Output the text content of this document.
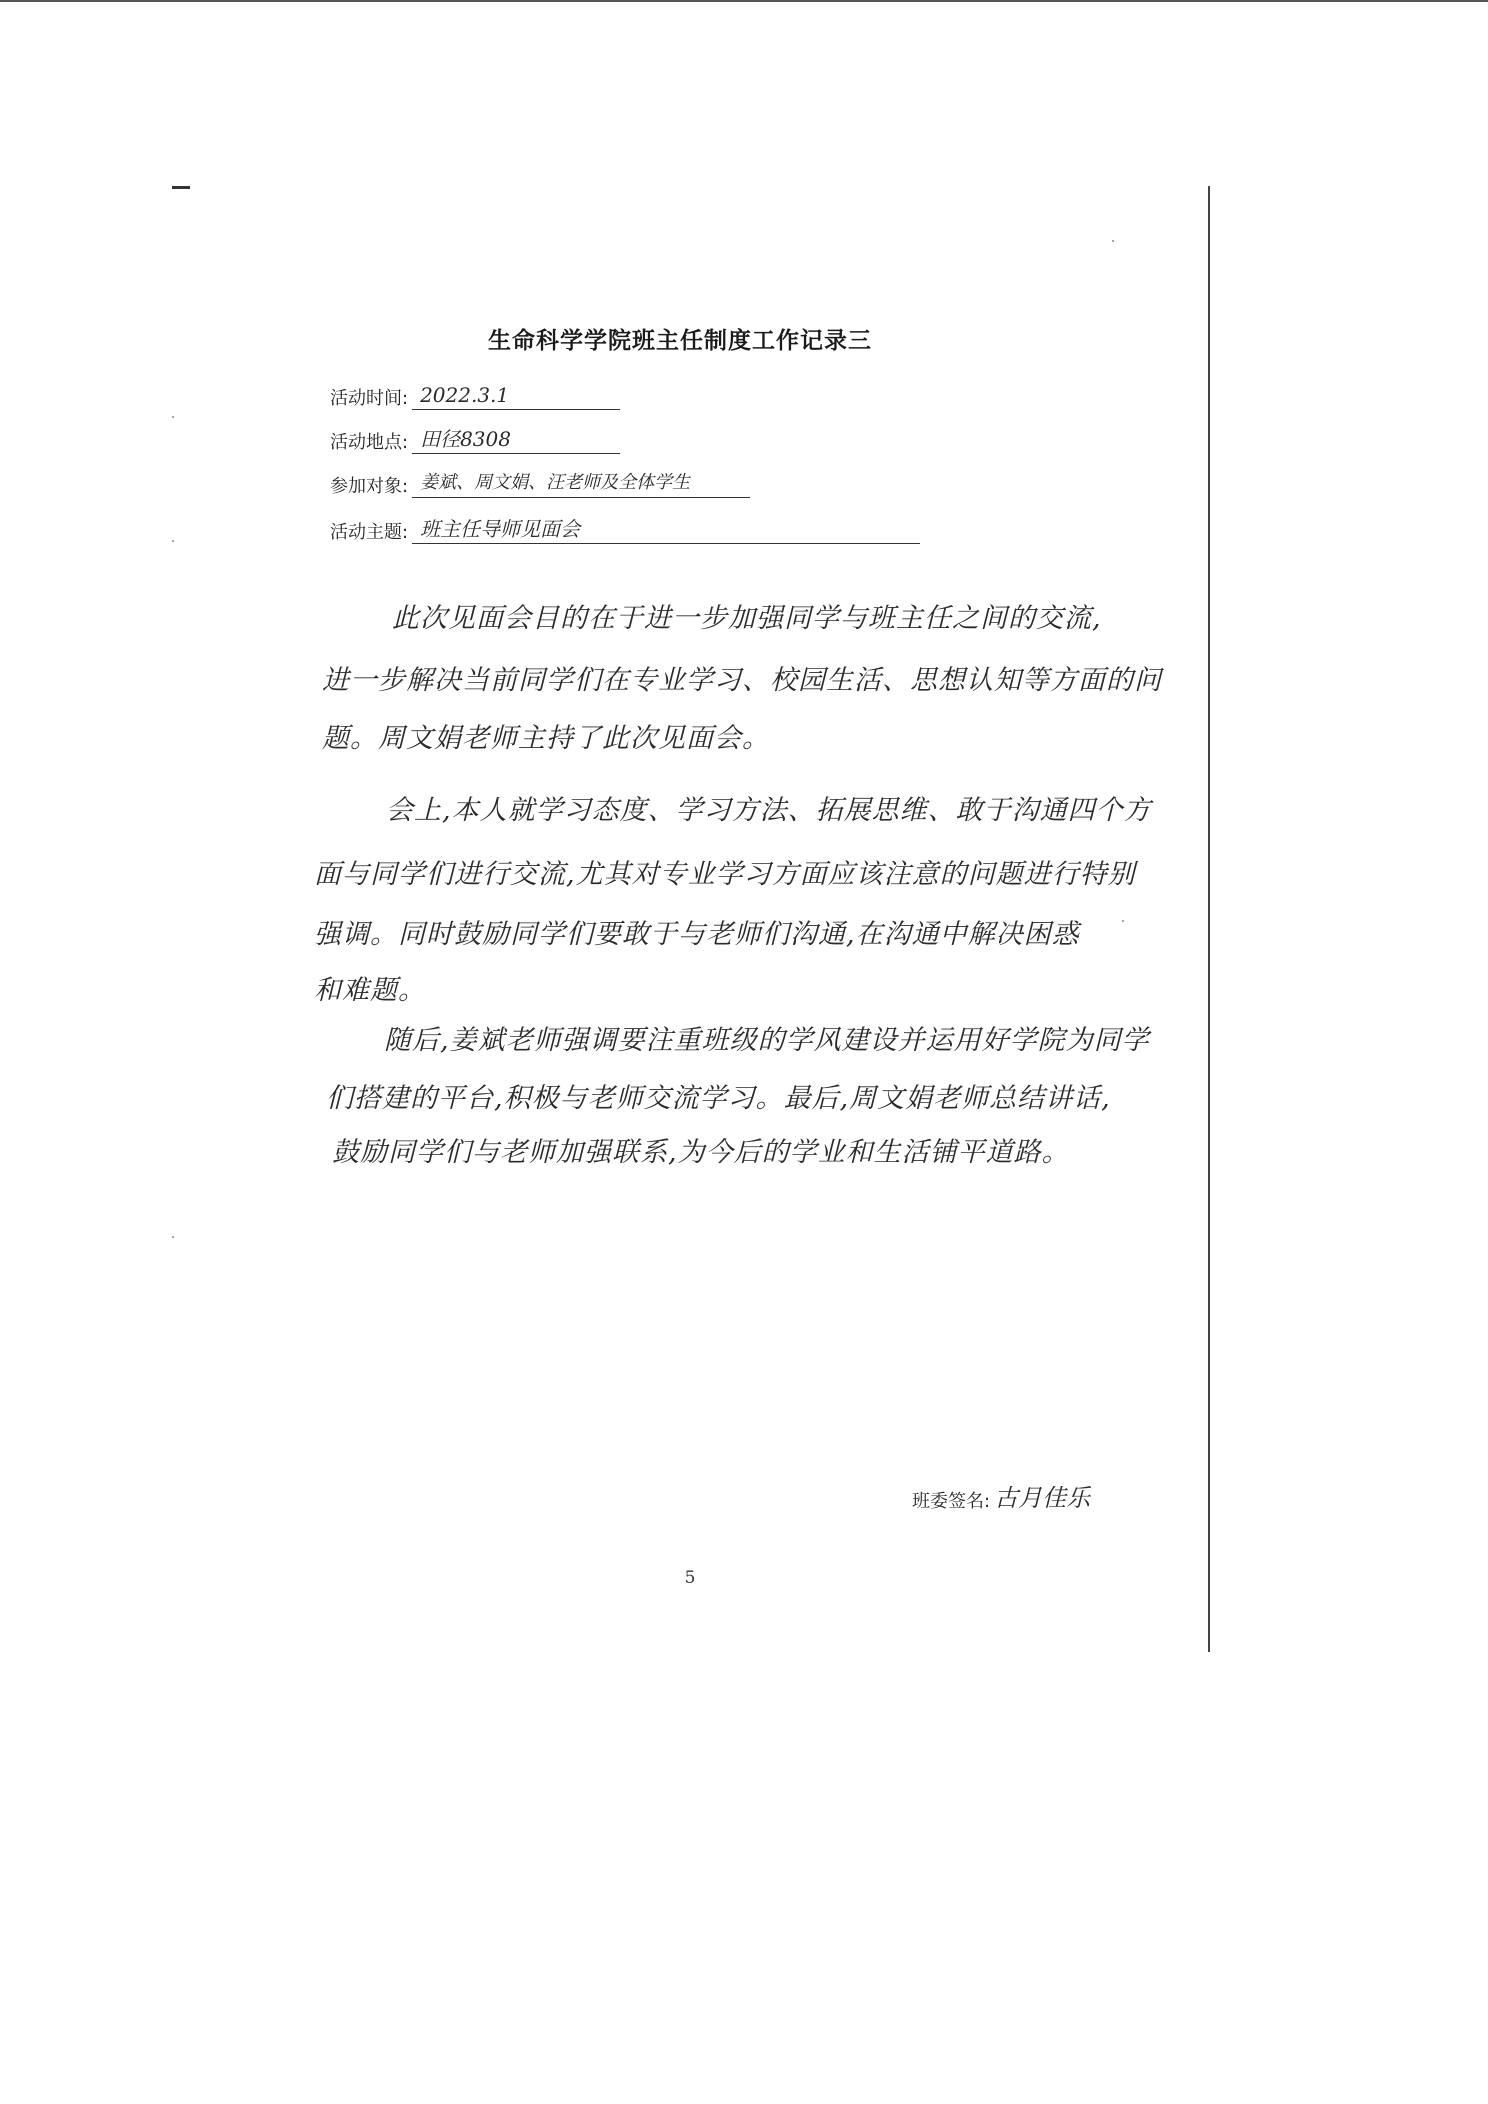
生命科学学院班主任制度工作记录三
活动时间: 2022.3.1
活动地点: 田径8308
参加对象: 姜斌、周文娟、汪老师及全体学生
活动主题: 班主任导师见面会
此次见面会目的在于进一步加强同学与班主任之间的交流,
进一步解决当前同学们在专业学习、校园生活、思想认知等方面的问
题。周文娟老师主持了此次见面会。
会上,本人就学习态度、学习方法、拓展思维、敢于沟通四个方
面与同学们进行交流,尤其对专业学习方面应该注意的问题进行特别
强调。同时鼓励同学们要敢于与老师们沟通,在沟通中解决困惑
和难题。
随后,姜斌老师强调要注重班级的学风建设并运用好学院为同学
们搭建的平台,积极与老师交流学习。最后,周文娟老师总结讲话,
鼓励同学们与老师加强联系,为今后的学业和生活铺平道路。
班委签名: 古月佳乐
5
